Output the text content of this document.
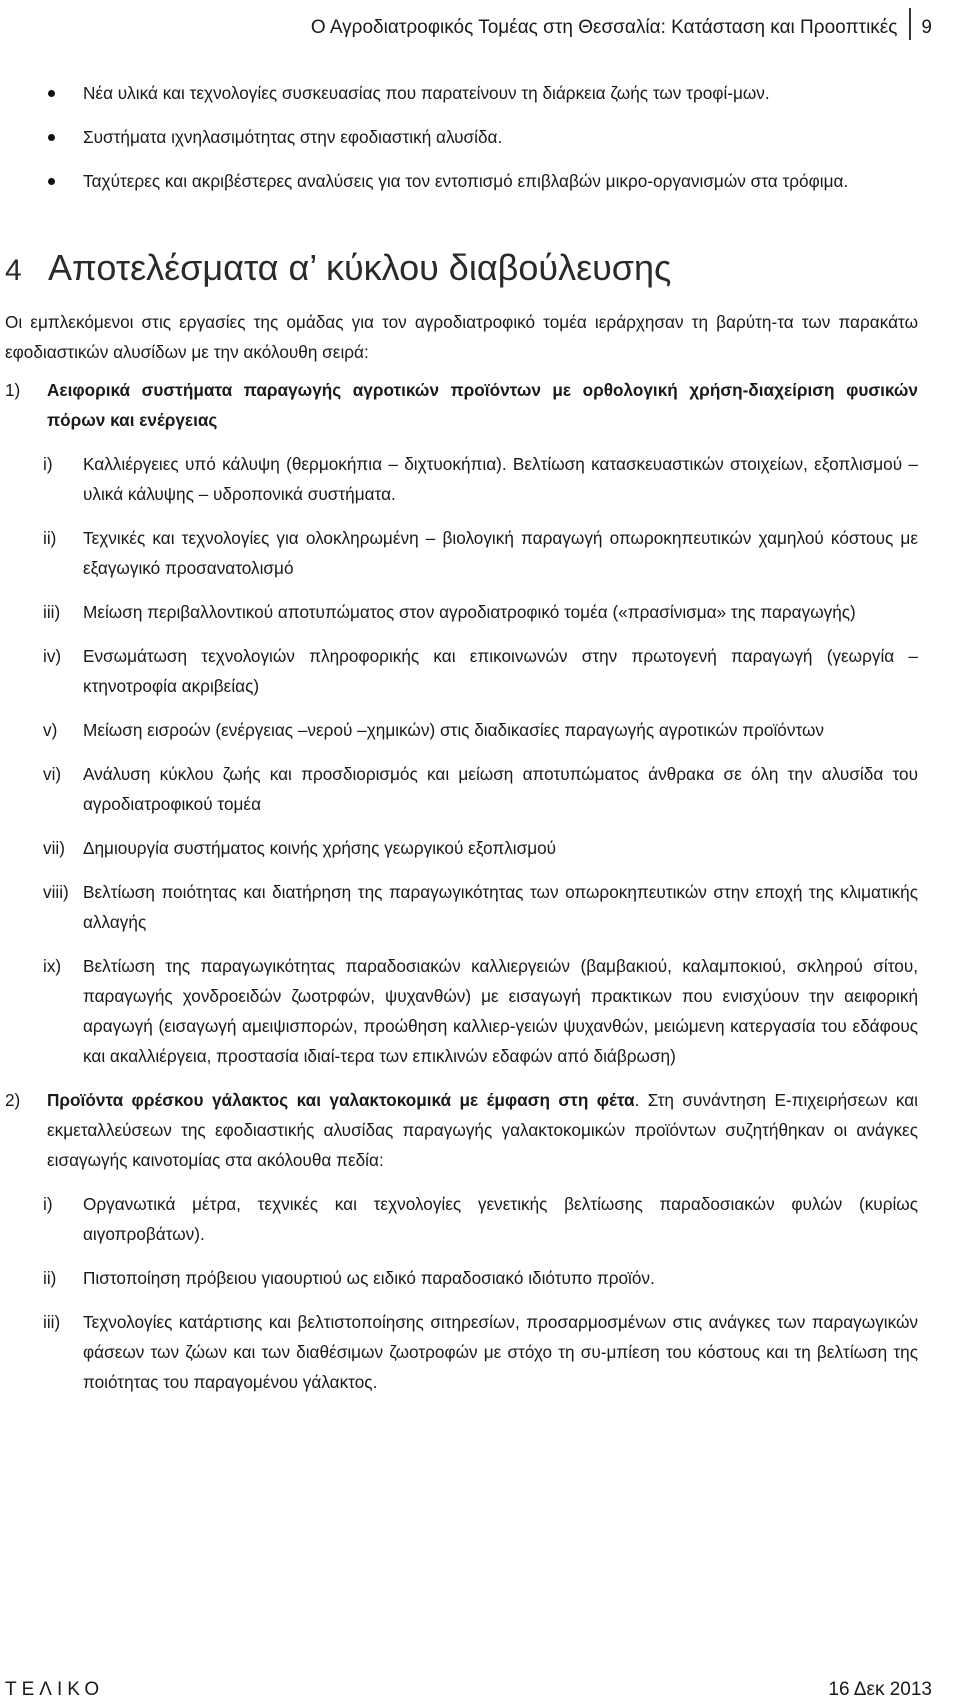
Ο Αγροδιατροφικός Τομέας στη Θεσσαλία: Κατάσταση και Προοπτικές	9
Νέα υλικά και τεχνολογίες συσκευασίας που παρατείνουν τη διάρκεια ζωής των τροφί-μων.
Συστήματα ιχνηλασιμότητας στην εφοδιαστική αλυσίδα.
Ταχύτερες και ακριβέστερες αναλύσεις για τον εντοπισμό επιβλαβών μικρο-οργανισμών στα τρόφιμα.
4 Αποτελέσματα α’ κύκλου διαβούλευσης

Οι εμπλεκόμενοι στις εργασίες της ομάδας για τον αγροδιατροφικό τομέα ιεράρχησαν τη βαρύτη-τα των παρακάτω εφοδιαστικών αλυσίδων με την ακόλουθη σειρά:

1) Αειφορικά συστήματα παραγωγής αγροτικών προϊόντων με ορθολογική χρήση-διαχείριση φυσικών πόρων και ενέργειας
i) Καλλιέργειες υπό κάλυψη (θερμοκήπια – διχτυοκήπια). Βελτίωση κατασκευαστικών στοιχείων, εξοπλισμού – υλικά κάλυψης – υδροπονικά συστήματα.
ii) Τεχνικές και τεχνολογίες για ολοκληρωμένη – βιολογική παραγωγή οπωροκηπευτικών χαμηλού κόστους με εξαγωγικό προσανατολισμό
iii) Μείωση περιβαλλοντικού αποτυπώματος στον αγροδιατροφικό τομέα («πρασίνισμα» της παραγωγής)
iv) Ενσωμάτωση τεχνολογιών πληροφορικής και επικοινωνών στην πρωτογενή παραγωγή (γεωργία –κτηνοτροφία ακριβείας)
v) Μείωση εισροών (ενέργειας –νερού –χημικών) στις διαδικασίες παραγωγής αγροτικών προϊόντων
vi) Ανάλυση κύκλου ζωής και προσδιορισμός και μείωση αποτυπώματος άνθρακα σε όλη την αλυσίδα του αγροδιατροφικού τομέα
vii) Δημιουργία συστήματος κοινής χρήσης γεωργικού εξοπλισμού
viii) Βελτίωση ποιότητας και διατήρηση της παραγωγικότητας των οπωροκηπευτικών στην εποχή της κλιματικής αλλαγής
ix) Βελτίωση της παραγωγικότητας παραδοσιακών καλλιεργειών (βαμβακιού, καλαμποκιού, σκληρού σίτου, παραγωγής χονδροειδών ζωοτρφών, ψυχανθών) με εισαγωγή πρακτικων που ενισχύουν την αειφορική αραγωγή (εισαγωγή αμειψισπορών, προώθηση καλλιερ-γειών ψυχανθών, μειώμενη κατεργασία του εδάφους και ακαλλιέργεια, προστασία ιδιαί-τερα των επικλινών εδαφών από διάβρωση)
2) Προϊόντα φρέσκου γάλακτος και γαλακτοκομικά με έμφαση στη φέτα. Στη συνάντηση Ε-πιχειρήσεων και εκμεταλλεύσεων της εφοδιαστικής αλυσίδας παραγωγής γαλακτοκομικών προϊόντων συζητήθηκαν οι ανάγκες εισαγωγής καινοτομίας στα ακόλουθα πεδία:
i) Οργανωτικά μέτρα, τεχνικές και τεχνολογίες γενετικής βελτίωσης παραδοσιακών φυλών (κυρίως αιγοπροβάτων).
ii) Πιστοποίηση πρόβειου γιαουρτιού ως ειδικό παραδοσιακό ιδιότυπο προϊόν.
iii) Τεχνολογίες κατάρτισης και βελτιστοποίησης σιτηρεσίων, προσαρμοσμένων στις ανάγκες των παραγωγικών φάσεων των ζώων και των διαθέσιμων ζωοτροφών με στόχο τη συ-μπίεση του κόστους και τη βελτίωση της ποιότητας του παραγομένου γάλακτος.
ΤΕΛΙΚΟ	16 Δεκ 2013
